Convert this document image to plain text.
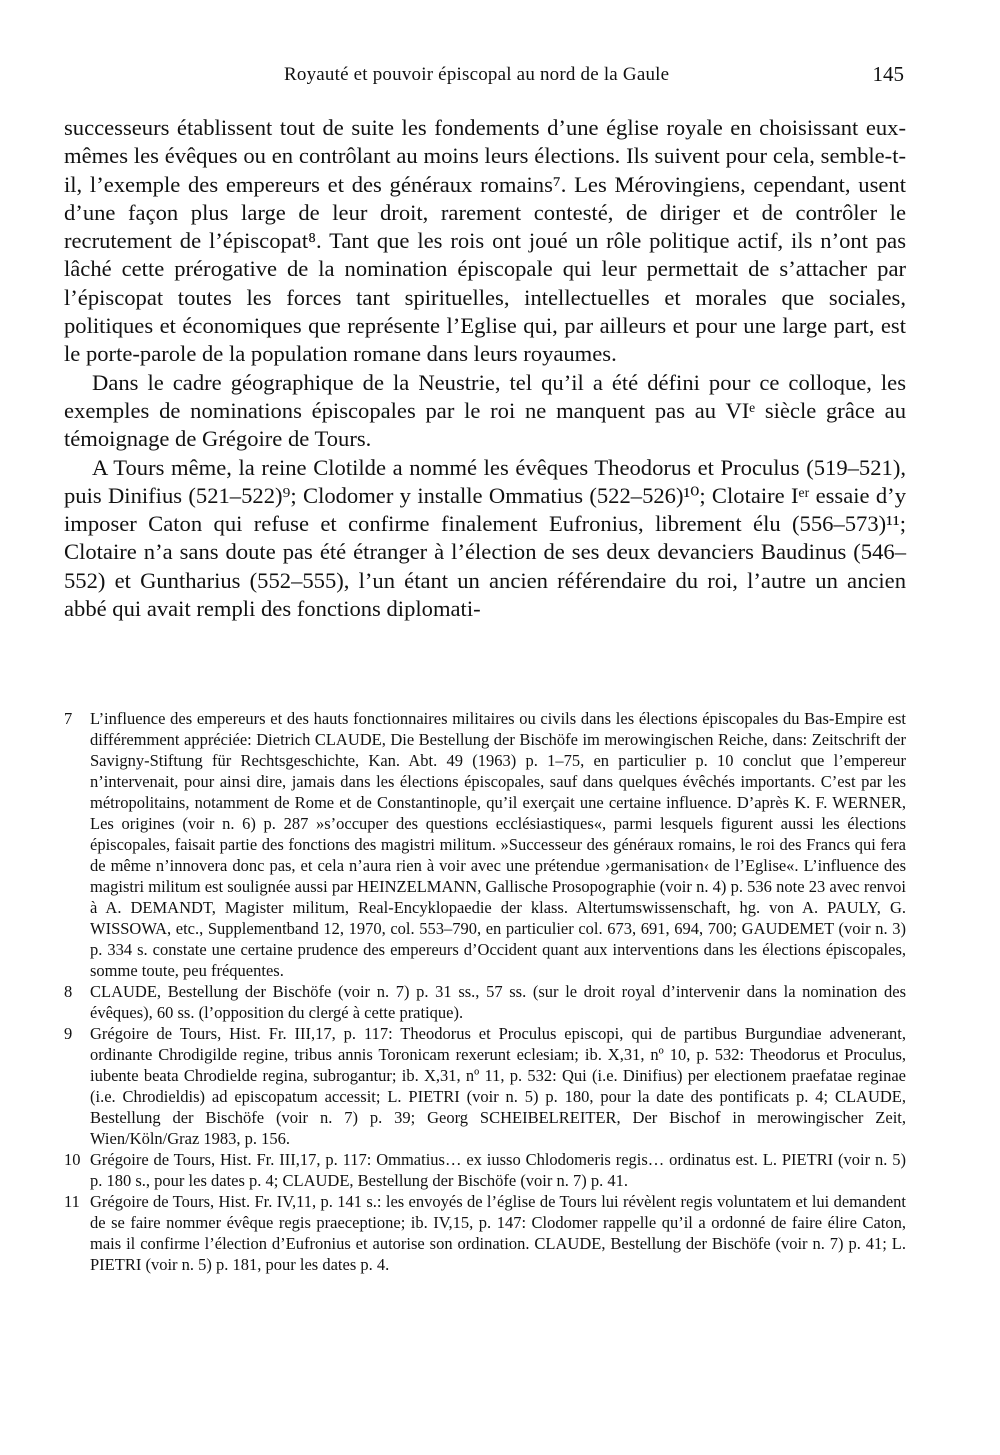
Royauté et pouvoir épiscopal au nord de la Gaule	145

successeurs établissent tout de suite les fondements d’une église royale en choisissant eux-mêmes les évêques ou en contrôlant au moins leurs élections. Ils suivent pour cela, semble-t-il, l’exemple des empereurs et des généraux romains⁷. Les Mérovingiens, cependant, usent d’une façon plus large de leur droit, rarement contesté, de diriger et de contrôler le recrutement de l’épiscopat⁸. Tant que les rois ont joué un rôle politique actif, ils n’ont pas lâché cette prérogative de la nomination épiscopale qui leur permettait de s’attacher par l’épiscopat toutes les forces tant spirituelles, intellectuelles et morales que sociales, politiques et économiques que représente l’Eglise qui, par ailleurs et pour une large part, est le porte-parole de la population romane dans leurs royaumes.

Dans le cadre géographique de la Neustrie, tel qu’il a été défini pour ce colloque, les exemples de nominations épiscopales par le roi ne manquent pas au VIᵉ siècle grâce au témoignage de Grégoire de Tours.

A Tours même, la reine Clotilde a nommé les évêques Theodorus et Proculus (519–521), puis Dinifius (521–522)⁹; Clodomer y installe Ommatius (522–526)¹⁰; Clotaire Iᵉʳ essaie d’y imposer Caton qui refuse et confirme finalement Eufronius, librement élu (556–573)¹¹; Clotaire n’a sans doute pas été étranger à l’élection de ses deux devanciers Baudinus (546–552) et Guntharius (552–555), l’un étant un ancien référendaire du roi, l’autre un ancien abbé qui avait rempli des fonctions diplomati-

7	L’influence des empereurs et des hauts fonctionnaires militaires ou civils dans les élections épiscopales du Bas-Empire est différemment appréciée: Dietrich CLAUDE, Die Bestellung der Bischöfe im merowingischen Reiche, dans: Zeitschrift der Savigny-Stiftung für Rechtsgeschichte, Kan. Abt. 49 (1963) p. 1–75, en particulier p. 10 conclut que l’empereur n’intervenait, pour ainsi dire, jamais dans les élections épiscopales, sauf dans quelques évêchés importants. C’est par les métropolitains, notamment de Rome et de Constantinople, qu’il exerçait une certaine influence. D’après K. F. WERNER, Les origines (voir n. 6) p. 287 »s’occuper des questions ecclésiastiques«, parmi lesquels figurent aussi les élections épiscopales, faisait partie des fonctions des magistri militum. »Successeur des généraux romains, le roi des Francs qui fera de même n’innovera donc pas, et cela n’aura rien à voir avec une prétendue ›germanisation‹ de l’Eglise«. L’influence des magistri militum est soulignée aussi par HEINZELMANN, Gallische Prosopographie (voir n. 4) p. 536 note 23 avec renvoi à A. DEMANDT, Magister militum, Real-Encyklopaedie der klass. Altertumswissenschaft, hg. von A. PAULY, G. WISSOWA, etc., Supplementband 12, 1970, col. 553–790, en particulier col. 673, 691, 694, 700; GAUDEMET (voir n. 3) p. 334 s. constate une certaine prudence des empereurs d’Occident quant aux interventions dans les élections épiscopales, somme toute, peu fréquentes.
8	CLAUDE, Bestellung der Bischöfe (voir n. 7) p. 31 ss., 57 ss. (sur le droit royal d’intervenir dans la nomination des évêques), 60 ss. (l’opposition du clergé à cette pratique).
9	Grégoire de Tours, Hist. Fr. III,17, p. 117: Theodorus et Proculus episcopi, qui de partibus Burgundiae advenerant, ordinante Chrodigilde regine, tribus annis Toronicam rexerunt eclesiam; ib. X,31, nº 10, p. 532: Theodorus et Proculus, iubente beata Chrodielde regina, subrogantur; ib. X,31, nº 11, p. 532: Qui (i.e. Dinifius) per electionem praefatae reginae (i.e. Chrodieldis) ad episcopatum accessit; L. PIETRI (voir n. 5) p. 180, pour la date des pontificats p. 4; CLAUDE, Bestellung der Bischöfe (voir n. 7) p. 39; Georg SCHEIBELREITER, Der Bischof in merowingischer Zeit, Wien/Köln/Graz 1983, p. 156.
10 Grégoire de Tours, Hist. Fr. III,17, p. 117: Ommatius… ex iusso Chlodomeris regis… ordinatus est. L. PIETRI (voir n. 5) p. 180 s., pour les dates p. 4; CLAUDE, Bestellung der Bischöfe (voir n. 7) p. 41.
11 Grégoire de Tours, Hist. Fr. IV,11, p. 141 s.: les envoyés de l’église de Tours lui révèlent regis voluntatem et lui demandent de se faire nommer évêque regis praeceptione; ib. IV,15, p. 147: Clodomer rappelle qu’il a ordonné de faire élire Caton, mais il confirme l’élection d’Eufronius et autorise son ordination. CLAUDE, Bestellung der Bischöfe (voir n. 7) p. 41; L. PIETRI (voir n. 5) p. 181, pour les dates p. 4.
